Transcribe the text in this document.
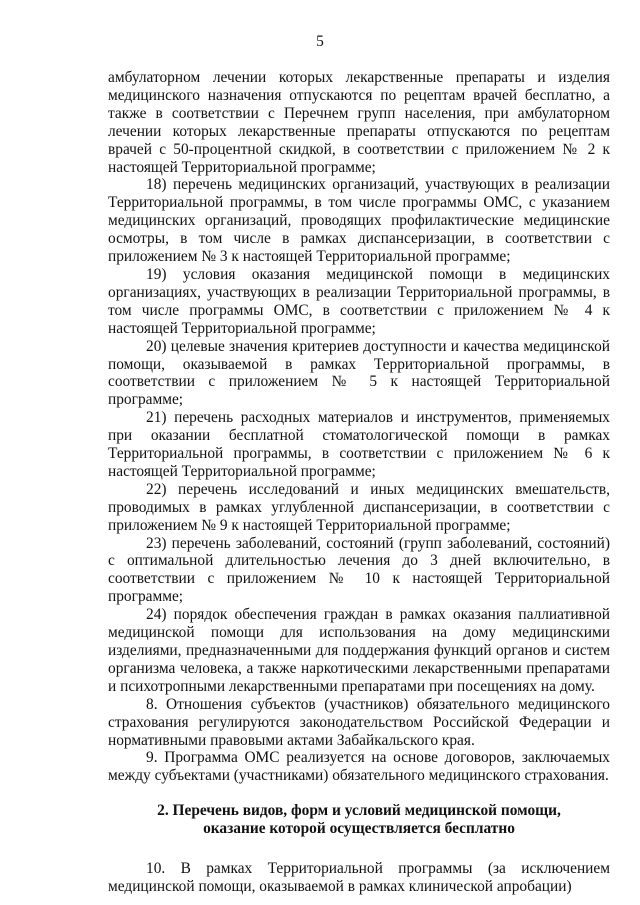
5

амбулаторном лечении которых лекарственные препараты и изделия медицинского назначения отпускаются по рецептам врачей бесплатно, а также в соответствии с Перечнем групп населения, при амбулаторном лечении которых лекарственные препараты отпускаются по рецептам врачей с 50-процентной скидкой, в соответствии с приложением № 2 к настоящей Территориальной программе;

18) перечень медицинских организаций, участвующих в реализации Территориальной программы, в том числе программы ОМС, с указанием медицинских организаций, проводящих профилактические медицинские осмотры, в том числе в рамках диспансеризации, в соответствии с приложением № 3 к настоящей Территориальной программе;

19) условия оказания медицинской помощи в медицинских организациях, участвующих в реализации Территориальной программы, в том числе программы ОМС, в соответствии с приложением № 4 к настоящей Территориальной программе;

20) целевые значения критериев доступности и качества медицинской помощи, оказываемой в рамках Территориальной программы, в соответствии с приложением № 5 к настоящей Территориальной программе;

21) перечень расходных материалов и инструментов, применяемых при оказании бесплатной стоматологической помощи в рамках Территориальной программы, в соответствии с приложением № 6 к настоящей Территориальной программе;

22) перечень исследований и иных медицинских вмешательств, проводимых в рамках углубленной диспансеризации, в соответствии с приложением № 9 к настоящей Территориальной программе;

23) перечень заболеваний, состояний (групп заболеваний, состояний) с оптимальной длительностью лечения до 3 дней включительно, в соответствии с приложением № 10 к настоящей Территориальной программе;

24) порядок обеспечения граждан в рамках оказания паллиативной медицинской помощи для использования на дому медицинскими изделиями, предназначенными для поддержания функций органов и систем организма человека, а также наркотическими лекарственными препаратами и психотропными лекарственными препаратами при посещениях на дому.

8. Отношения субъектов (участников) обязательного медицинского страхования регулируются законодательством Российской Федерации и нормативными правовыми актами Забайкальского края.

9. Программа ОМС реализуется на основе договоров, заключаемых между субъектами (участниками) обязательного медицинского страхования.

2. Перечень видов, форм и условий медицинской помощи,
оказание которой осуществляется бесплатно

10. В рамках Территориальной программы (за исключением медицинской помощи, оказываемой в рамках клинической апробации)
